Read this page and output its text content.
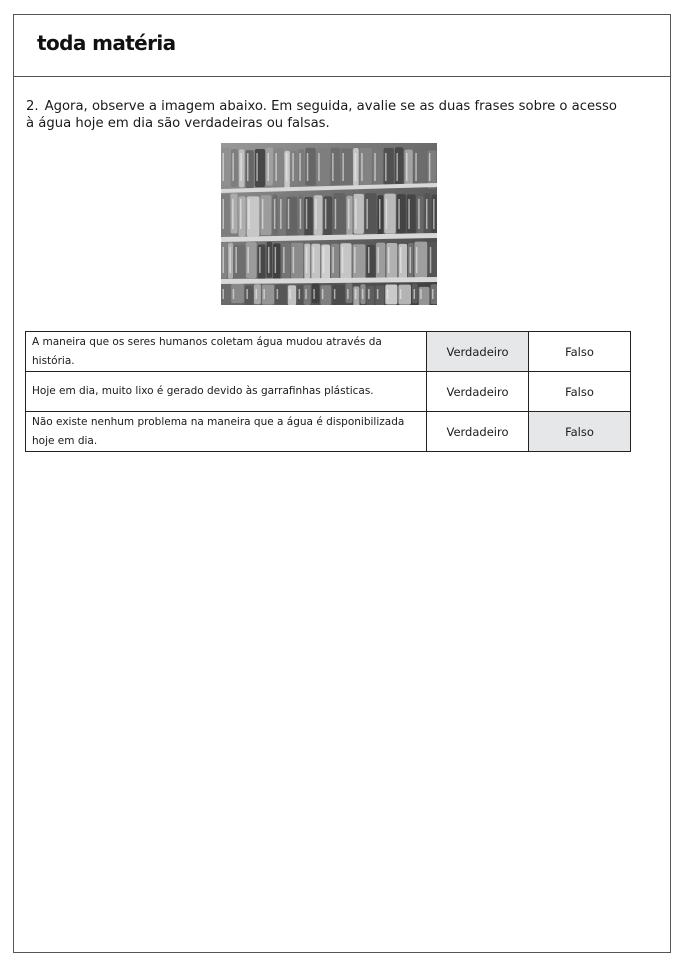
toda matéria
2. Agora, observe a imagem abaixo. Em seguida, avalie se as duas frases sobre o acesso à água hoje em dia são verdadeiras ou falsas.
A maneira que os seres humanos coletam água mudou através da história.	Verdadeiro	Falso
Hoje em dia, muito lixo é gerado devido às garrafinhas plásticas.	Verdadeiro	Falso
Não existe nenhum problema na maneira que a água é disponibilizada hoje em dia.	Verdadeiro	Falso
